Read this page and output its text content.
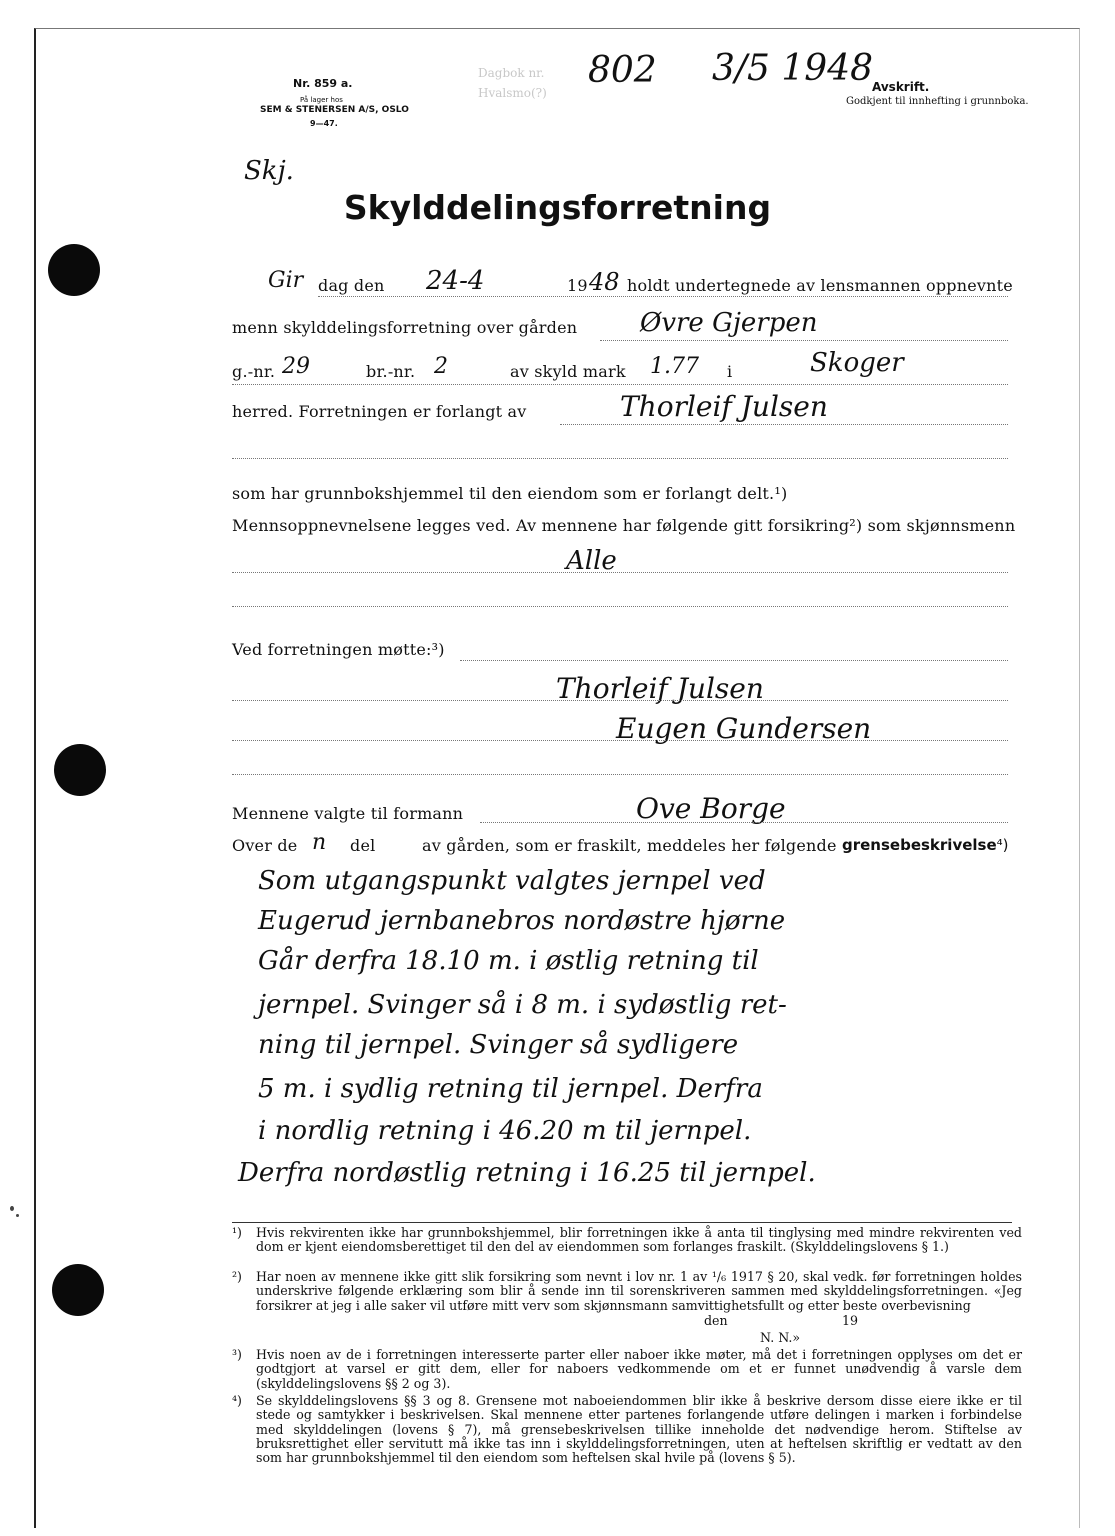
Nr. 859 a.
På lager hos
SEM & STENERSEN A/S, OSLO
9—47.
Dagbok nr.
Hvalsmo(?)
802 3/5 1948 Avskrift.
Godkjent til innhefting i grunnboka.
Skj.
Skylddelingsforretning
Gir dag den 24-4	19 48 holdt undertegnede av lensmannen oppnevnte
menn skylddelingsforretning over gården Øvre Gjerpen
g.-nr. 29	br.-nr. 2	av skyld mark 1.77 i	Skoger
herred. Forretningen er forlangt av	Thorleif Julsen
som har grunnbokshjemmel til den eiendom som er forlangt delt.¹)
Mennsoppnevnelsene legges ved. Av mennene har følgende gitt forsikring²) som skjønnsmenn
Alle
Ved forretningen møtte:³)
Thorleif Julsen
Eugen Gundersen
Mennene valgte til formann	Ove Borge
Over de n del	av gården, som er fraskilt, meddeles her følgende grensebeskrivelse⁴)
Som utgangspunkt valgtes jernpel ved
Eugerud jernbanebros nordøstre hjørne
Går derfra 18.10 m. i østlig retning til
jernpel. Svinger så i 8 m. i sydøstlig ret-
ning til jernpel. Svinger så sydligere
5 m. i sydlig retning til jernpel. Derfra
i nordlig retning i 46.20 m til jernpel.
Derfra nordøstlig retning i 16.25 til jernpel.
¹)	Hvis rekvirenten ikke har grunnbokshjemmel, blir forretningen ikke å anta til tinglysing med mindre rekvirenten ved dom er kjent eiendomsberettiget til den del av eiendommen som forlanges fraskilt. (Skylddelingslovens § 1.)
²)	Har noen av mennene ikke gitt slik forsikring som nevnt i lov nr. 1 av ¹/₆ 1917 § 20, skal vedk. før forretningen holdes underskrive følgende erklæring som blir å sende inn til sorenskriveren sammen med skylddelingsforretningen. «Jeg forsikrer at jeg i alle saker vil utføre mitt verv som skjønnsmann samvittighetsfullt og etter beste overbevisning
den	19
N. N.»
³)	Hvis noen av de i forretningen interesserte parter eller naboer ikke møter, må det i forretningen opplyses om det er godtgjort at varsel er gitt dem, eller for naboers vedkommende om et er funnet unødvendig å varsle dem (skylddelingslovens §§ 2 og 3).
⁴)	Se skylddelingslovens §§ 3 og 8. Grensene mot naboeiendommen blir ikke å beskrive dersom disse eiere ikke er til stede og samtykker i beskrivelsen. Skal mennene etter partenes forlangende utføre delingen i marken i forbindelse med skylddelingen (lovens § 7), må grensebeskrivelsen tillike inneholde det nødvendige herom. Stiftelse av bruksrettighet eller servitutt må ikke tas inn i skylddelingsforretningen, uten at heftelsen skriftlig er vedtatt av den som har grunnbokshjemmel til den eiendom som heftelsen skal hvile på (lovens § 5).
